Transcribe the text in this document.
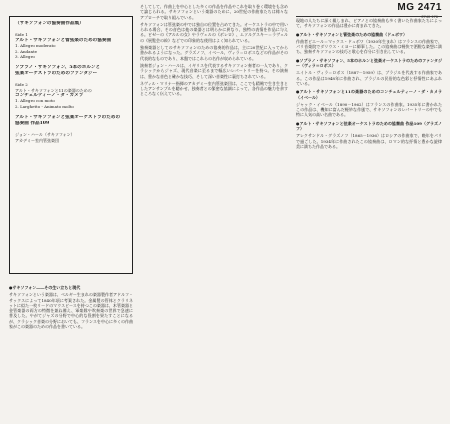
MG 2471
2740 176
（サキソフォンの協奏曲作品集）
Side 1
アルト・サキソフォンと管弦楽のための協奏曲
1. Allegro moderato
2. Andante
3. Allegro
ソプラノ・サキソフォン、5本のホルンと
弦楽オーケストラのためのファンタジー
Side 2
アルト・サキソフォンと11の楽器のための
コンチェルティーノ・ダ・カメラ
1. Allegro con moto
2. Larghetto - Animato molto
アルト・サキソフォンと弦楽オーケストラのための
協奏曲 作品109
ジョン・ハール（サキソフォン）
アカデミー室内管弦楽団

●サキソフォン――その生い立ちと現代

サキソフォンという楽器は、ベルギー生まれの楽器製作者アドルフ・サックスによって1840年頃に考案された。金属製の管体とクラリネットに似た一枚リードのマウスピースを持つこの楽器は、木管楽器と金管楽器の両方の特徴を兼ね備え、軍楽隊や吹奏楽の世界で急速に普及した。やがてジャズの分野で中心的な役割を果たすことになるが、クラシック音楽の分野においても、フランスを中心に多くの作曲家がこの楽器のための作品を書いている。

そしてして、作曲上を中心とした多くの作品を作品やこれを取り巻く環境をも含めて論じられる。サキソフォンという楽器のために、20世紀の作曲家たちは様々なアプローチで取り組んでいる。

サキソフォンは管弦楽の中では独自の位置を占めてきた。オーケストラの中で用いられる場合、その音色は他の楽器とは明らかに異なり、独特の表情を作品に与える。ビゼーの《アルルの女》やラヴェルの《ボレロ》、ムソルグスキー＝ラヴェルの《展覧会の絵》などでの印象的な使用はよく知られている。

独奏楽器としてのサキソフォンのための協奏的作品は、主に20世紀に入ってから書かれるようになった。グラズノフ、イベール、ヴィラ＝ロボスなどの作品がその代表的なものであり、本盤ではこれらの名作が収められている。

演奏者ジョン・ハールは、イギリスを代表するサキソフォン奏者の一人であり、クラシックからジャズ、現代音楽に至るまで幅広いレパートリーを持つ。その演奏は、豊かな音色と確かな技巧、そして深い音楽性に裏打ちされている。

ネヴィル・マリナー指揮のアカデミー室内管弦楽団は、ここでも精緻で生き生きとしたアンサンブルを聴かせ、独奏者との緊密な協調によって、各作品の魅力を余すところなく伝えている。

現地の人たちに深く親しまれ、ピアノとの協奏曲も多く書いた作曲家たちによって、サキソフォンの作品は豊かに育まれてきた。

●アルト・サキソフォンと管弦楽のための協奏曲（ドュボワ）

作曲者ピエール＝マックス・ドュボワ（1930年生まれ）はフランスの作曲家で、パリ音楽院でダリウス・ミヨーに師事した。この協奏曲は軽快で洒脱な楽想に満ち、独奏サキソフォンの技巧と歌心を存分に引き出している。

●ソプラノ・サキソフォン、5本のホルンと弦楽オーケストラのためのファンタジー（ヴィラ＝ロボス）

エイトル・ヴィラ＝ロボス（1887－1959）は、ブラジルを代表する作曲家である。この作品は1948年に作曲され、ブラジルの民俗的な色彩と抒情性にあふれている。

●アルト・サキソフォンと11の楽器のためのコンチェルティーノ・ダ・カメラ（イベール）

ジャック・イベール（1890－1962）はフランスの作曲家。1935年に書かれたこの作品は、機知に富んだ軽妙な作風で、サキソフォンのレパートリーの中でも特に人気の高い名曲である。

●アルト・サキソフォンと弦楽オーケストラのための協奏曲 作品109（グラズノフ）

アレクサンドル・グラズノフ（1865－1936）はロシアの作曲家で、晩年をパリで過ごした。1934年に作曲されたこの協奏曲は、ロマン的な抒情と豊かな旋律美に満ちた作品である。
